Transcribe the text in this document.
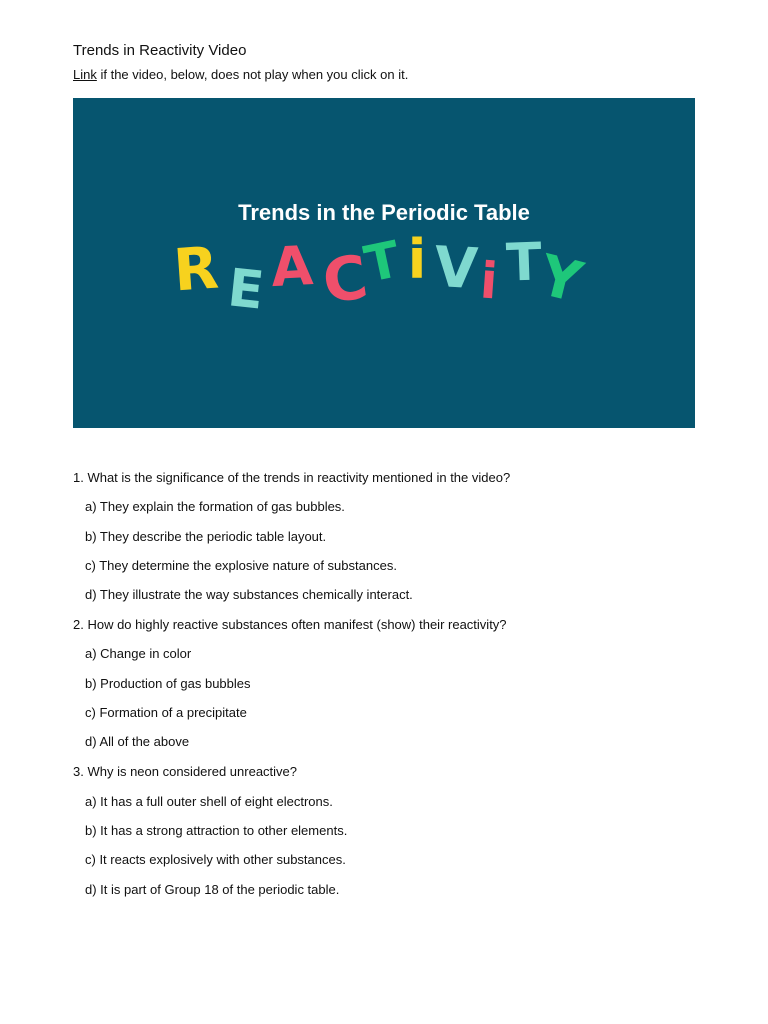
Trends in Reactivity Video
Link if the video, below, does not play when you click on it.
Trends in the Periodic Table
R E A C
T i V i T
Y
1. What is the significance of the trends in reactivity mentioned in the video?
a) They explain the formation of gas bubbles.
b) They describe the periodic table layout.
c) They determine the explosive nature of substances.
d) They illustrate the way substances chemically interact.
2. How do highly reactive substances often manifest (show) their reactivity?
a) Change in color
b) Production of gas bubbles
c) Formation of a precipitate
d) All of the above
3. Why is neon considered unreactive?
a) It has a full outer shell of eight electrons.
b) It has a strong attraction to other elements.
c) It reacts explosively with other substances.
d) It is part of Group 18 of the periodic table.
